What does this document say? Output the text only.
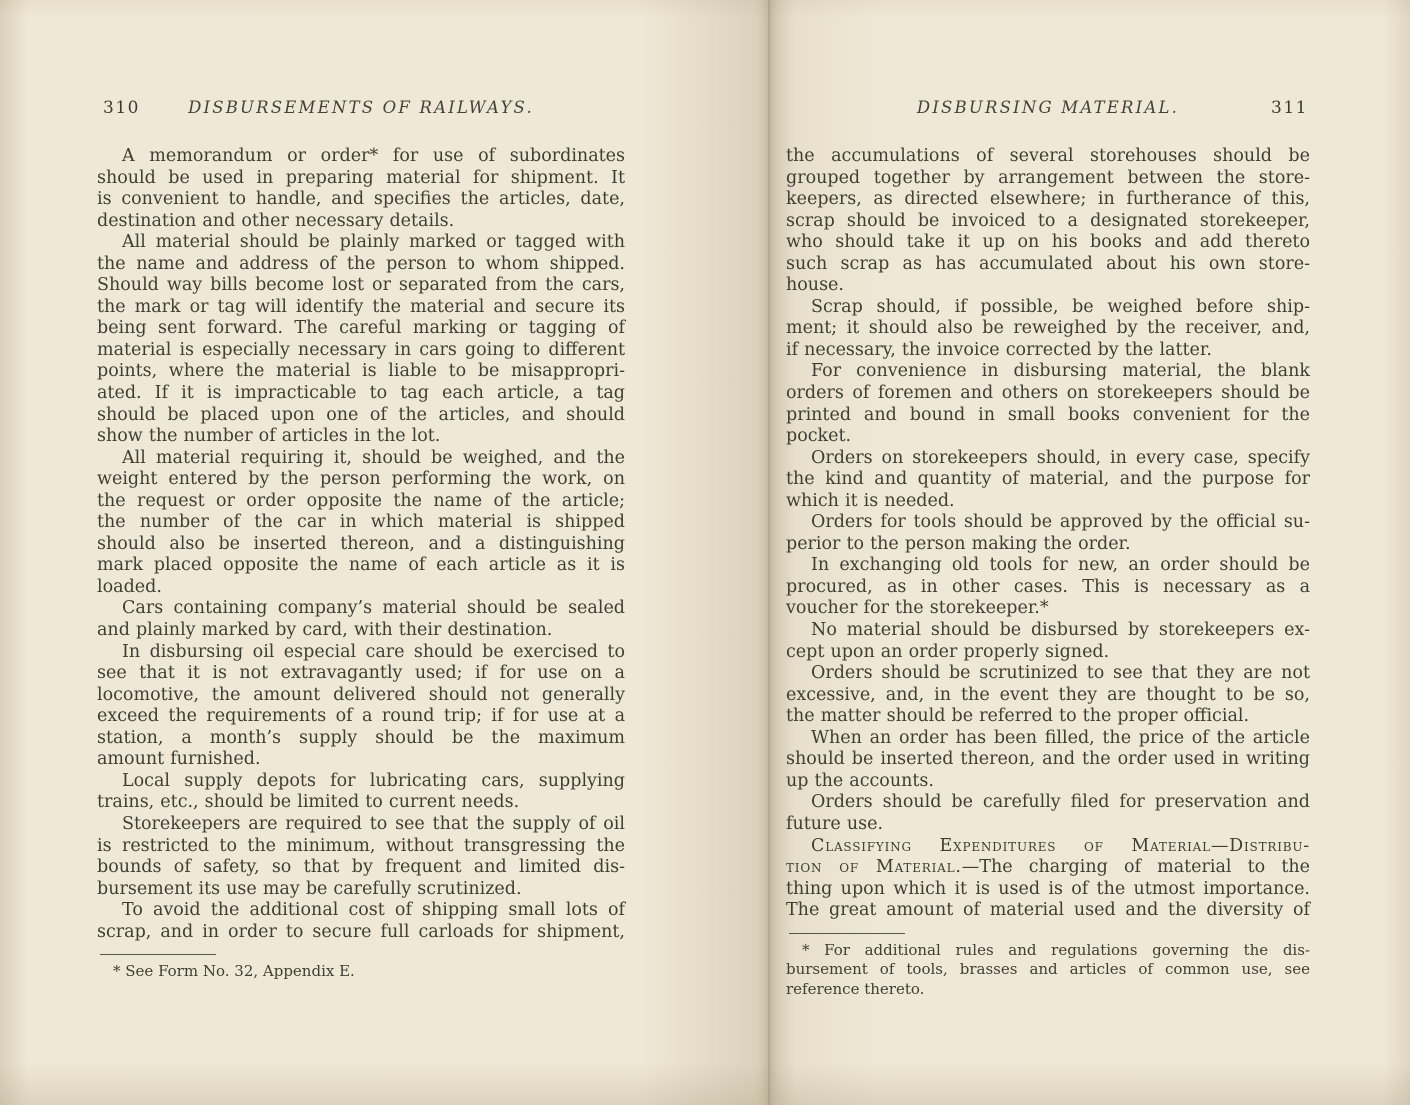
310	DISBURSEMENTS OF RAILWAYS.
A memorandum or order* for use of subordinates
should be used in preparing material for shipment. It
is convenient to handle, and specifies the articles, date,
destination and other necessary details.
All material should be plainly marked or tagged with
the name and address of the person to whom shipped.
Should way bills become lost or separated from the cars,
the mark or tag will identify the material and secure its
being sent forward. The careful marking or tagging of
material is especially necessary in cars going to different
points, where the material is liable to be misappropri-
ated. If it is impracticable to tag each article, a tag
should be placed upon one of the articles, and should
show the number of articles in the lot.
All material requiring it, should be weighed, and the
weight entered by the person performing the work, on
the request or order opposite the name of the article;
the number of the car in which material is shipped
should also be inserted thereon, and a distinguishing
mark placed opposite the name of each article as it is
loaded.
Cars containing company’s material should be sealed
and plainly marked by card, with their destination.
In disbursing oil especial care should be exercised to
see that it is not extravagantly used; if for use on a
locomotive, the amount delivered should not generally
exceed the requirements of a round trip; if for use at a
station, a month’s supply should be the maximum
amount furnished.
Local supply depots for lubricating cars, supplying
trains, etc., should be limited to current needs.
Storekeepers are required to see that the supply of oil
is restricted to the minimum, without transgressing the
bounds of safety, so that by frequent and limited dis-
bursement its use may be carefully scrutinized.
To avoid the additional cost of shipping small lots of
scrap, and in order to secure full carloads for shipment,
* See Form No. 32, Appendix E.
311
DISBURSING MATERIAL.
the accumulations of several storehouses should be
grouped together by arrangement between the store-
keepers, as directed elsewhere; in furtherance of this,
scrap should be invoiced to a designated storekeeper,
who should take it up on his books and add thereto
such scrap as has accumulated about his own store-
house.
Scrap should, if possible, be weighed before ship-
ment; it should also be reweighed by the receiver, and,
if necessary, the invoice corrected by the latter.
For convenience in disbursing material, the blank
orders of foremen and others on storekeepers should be
printed and bound in small books convenient for the
pocket.
Orders on storekeepers should, in every case, specify
the kind and quantity of material, and the purpose for
which it is needed.
Orders for tools should be approved by the official su-
perior to the person making the order.
In exchanging old tools for new, an order should be
procured, as in other cases. This is necessary as a
voucher for the storekeeper.*
No material should be disbursed by storekeepers ex-
cept upon an order properly signed.
Orders should be scrutinized to see that they are not
excessive, and, in the event they are thought to be so,
the matter should be referred to the proper official.
When an order has been filled, the price of the article
should be inserted thereon, and the order used in writing
up the accounts.
Orders should be carefully filed for preservation and
future use.
Classifying Expenditures of Material—Distribu-
tion of Material.—The charging of material to the
thing upon which it is used is of the utmost importance.
The great amount of material used and the diversity of
* For additional rules and regulations governing the dis-
bursement of tools, brasses and articles of common use, see
reference thereto.
